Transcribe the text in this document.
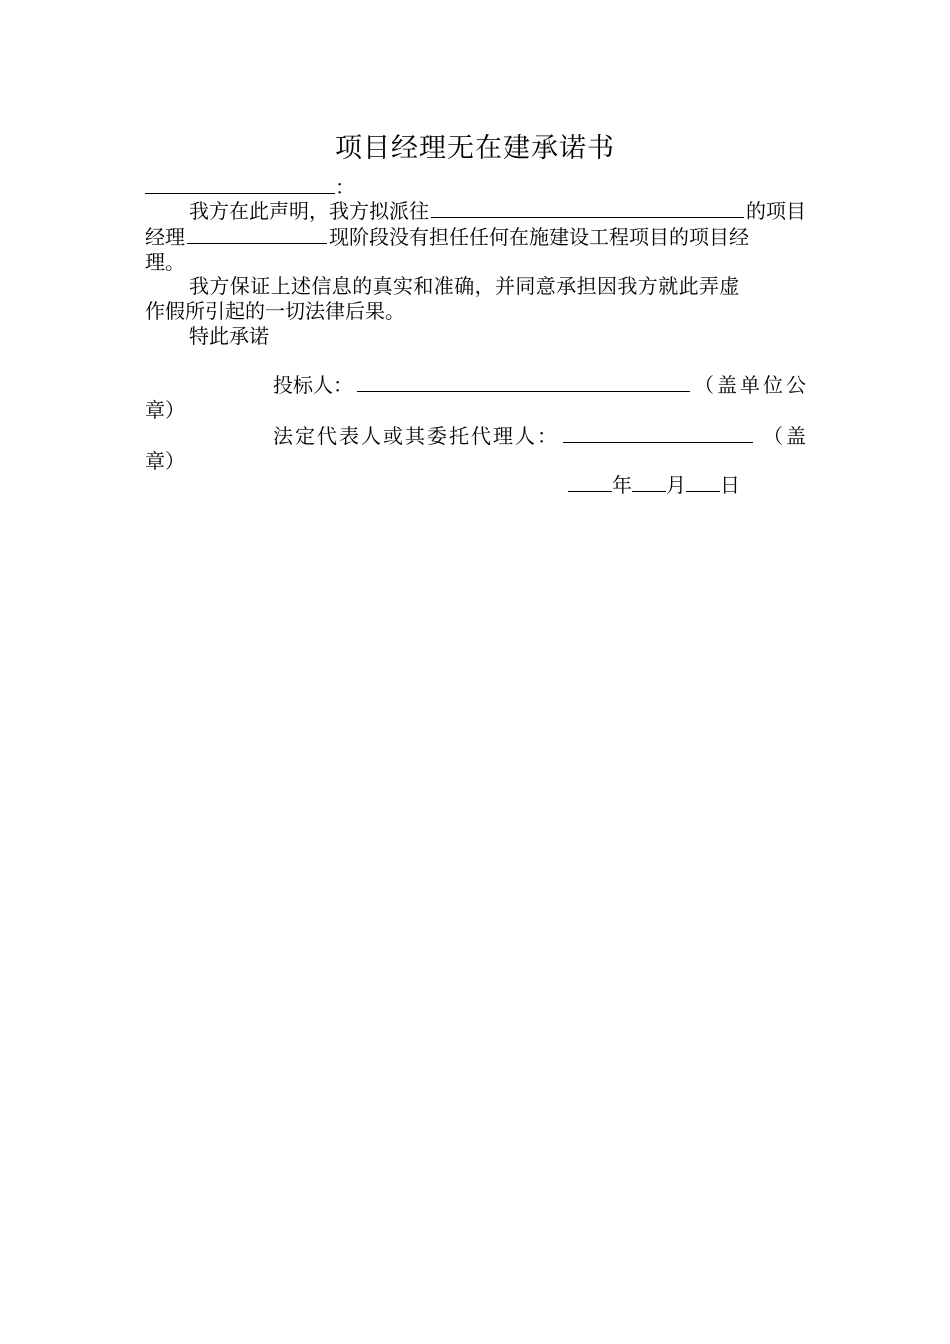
项目经理无在建承诺书
：
我方在此声明，我方拟派往	的项目
经理	现阶段没有担任任何在施建设工程项目的项目经
理。
我方保证上述信息的真实和准确，并同意承担因我方就此弄虚
作假所引起的一切法律后果。
特此承诺
投标人：	（盖单位公
章）
法定代表人或其委托代理人：	（盖
章）
年 月 日
